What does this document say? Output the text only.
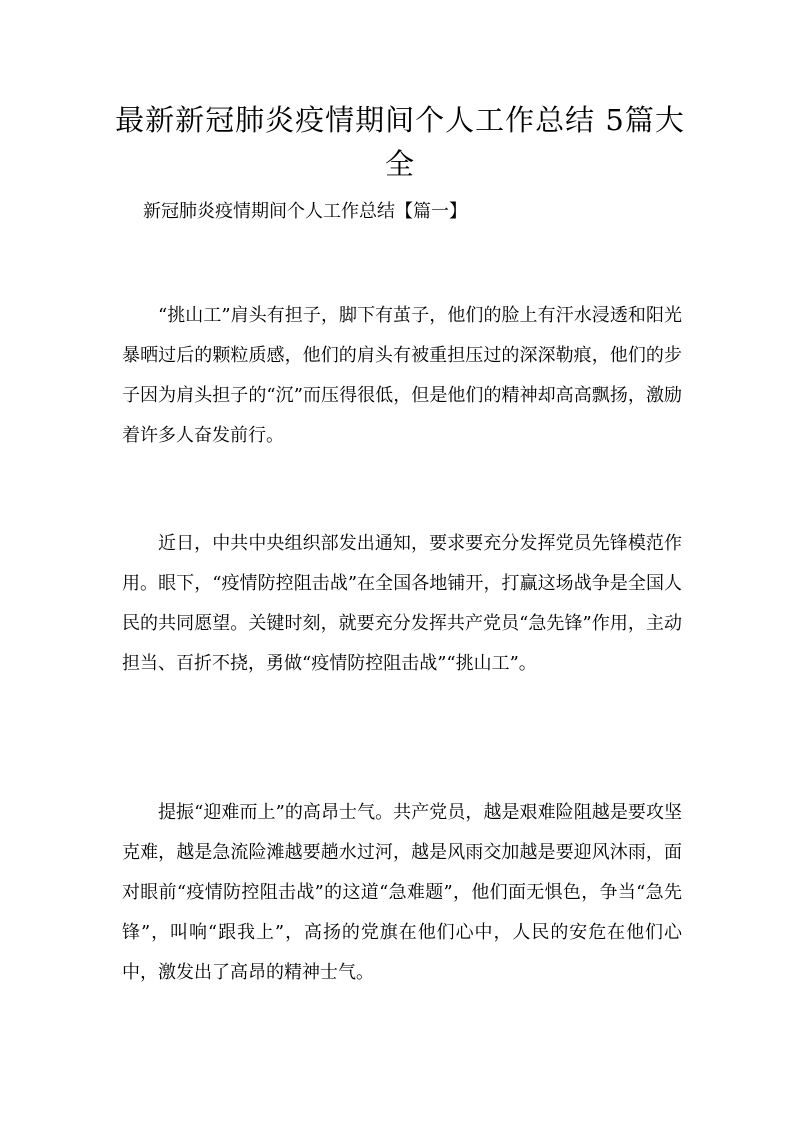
最新新冠肺炎疫情期间个人工作总结 5篇大全
新冠肺炎疫情期间个人工作总结【篇一】

“挑山工”肩头有担子，脚下有茧子，他们的脸上有汗水浸透和阳光暴晒过后的颗粒质感，他们的肩头有被重担压过的深深勒痕，他们的步子因为肩头担子的“沉”而压得很低，但是他们的精神却高高飘扬，激励着许多人奋发前行。

近日，中共中央组织部发出通知，要求要充分发挥党员先锋模范作用。眼下，“疫情防控阻击战”在全国各地铺开，打赢这场战争是全国人民的共同愿望。关键时刻，就要充分发挥共产党员“急先锋”作用，主动担当、百折不挠，勇做“疫情防控阻击战”“挑山工”。

提振“迎难而上”的高昂士气。共产党员，越是艰难险阻越是要攻坚克难，越是急流险滩越要趟水过河，越是风雨交加越是要迎风沐雨，面对眼前“疫情防控阻击战”的这道“急难题”，他们面无惧色，争当“急先锋”，叫响“跟我上”，高扬的党旗在他们心中，人民的安危在他们心中，激发出了高昂的精神士气。
